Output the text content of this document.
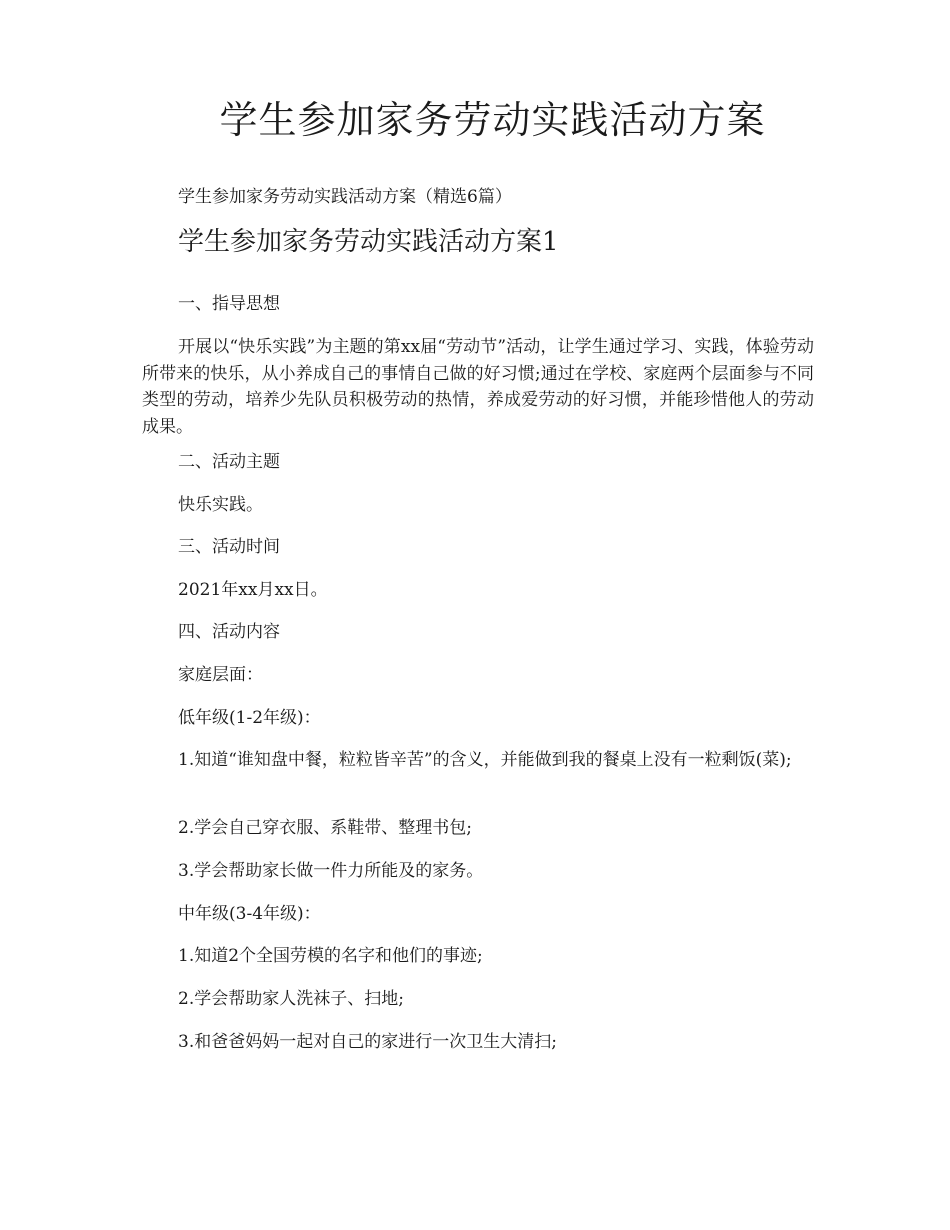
学生参加家务劳动实践活动方案

学生参加家务劳动实践活动方案（精选6篇）

学生参加家务劳动实践活动方案1

一、指导思想

开展以“快乐实践”为主题的第xx届“劳动节”活动，让学生通过学习、实践，体验劳动所带来的快乐，从小养成自己的事情自己做的好习惯;通过在学校、家庭两个层面参与不同类型的劳动，培养少先队员积极劳动的热情，养成爱劳动的好习惯，并能珍惜他人的劳动成果。

二、活动主题

快乐实践。

三、活动时间

2021年xx月xx日。

四、活动内容

家庭层面：

低年级(1-2年级)：

1.知道“谁知盘中餐，粒粒皆辛苦”的含义，并能做到我的餐桌上没有一粒剩饭(菜);

2.学会自己穿衣服、系鞋带、整理书包;

3.学会帮助家长做一件力所能及的家务。

中年级(3-4年级)：

1.知道2个全国劳模的名字和他们的事迹;

2.学会帮助家人洗袜子、扫地;

3.和爸爸妈妈一起对自己的家进行一次卫生大清扫;
